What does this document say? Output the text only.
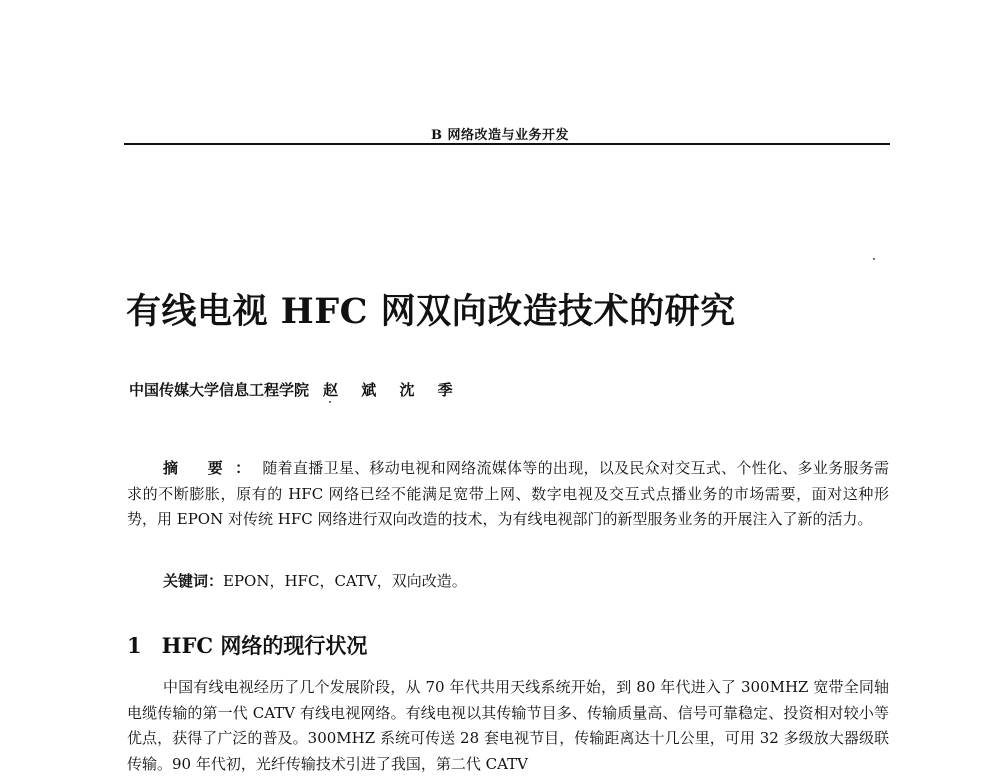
B 网络改造与业务开发
有线电视 HFC 网双向改造技术的研究
中国传媒大学信息工程学院 赵 斌 沈 季

摘 要：随着直播卫星、移动电视和网络流媒体等的出现，以及民众对交互式、个性化、多业务服务需求的不断膨胀，原有的 HFC 网络已经不能满足宽带上网、数字电视及交互式点播业务的市场需要，面对这种形势，用 EPON 对传统 HFC 网络进行双向改造的技术，为有线电视部门的新型服务业务的开展注入了新的活力。

关键词：EPON，HFC，CATV，双向改造。
1 HFC 网络的现行状况

中国有线电视经历了几个发展阶段，从 70 年代共用天线系统开始，到 80 年代进入了 300MHZ 宽带全同轴电缆传输的第一代 CATV 有线电视网络。有线电视以其传输节目多、传输质量高、信号可靠稳定、投资相对较小等优点，获得了广泛的普及。300MHZ 系统可传送 28 套电视节目，传输距离达十几公里，可用 32 多级放大器级联传输。90 年代初，光纤传输技术引进了我国，第二代 CATV
